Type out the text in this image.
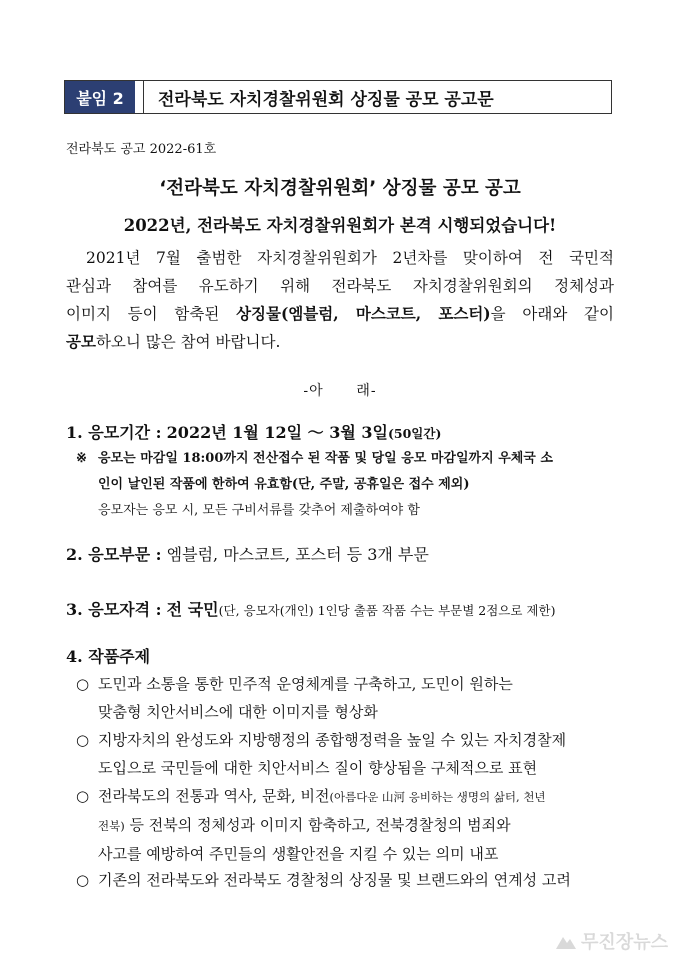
붙임 2	전라북도 자치경찰위원회 상징물 공모 공고문
전라북도 공고 2022-61호
‘전라북도 자치경찰위원회’ 상징물 공모 공고
2022년, 전라북도 자치경찰위원회가 본격 시행되었습니다!
2021년 7월 출범한 자치경찰위원회가 2년차를 맞이하여 전 국민적
관심과 참여를 유도하기 위해 전라북도 자치경찰위원회의 정체성과
이미지 등이 함축된 상징물(엠블럼, 마스코트, 포스터)을 아래와 같이
공모하오니 많은 참여 바랍니다.
-아      래-
1. 응모기간 : 2022년 1월 12일 ～ 3월 3일(50일간)
※ 응모는 마감일 18:00까지 전산접수 된 작품 및 당일 응모 마감일까지 우체국 소
인이 날인된 작품에 한하여 유효함(단, 주말, 공휴일은 접수 제외)
응모자는 응모 시, 모든 구비서류를 갖추어 제출하여야 함
2. 응모부문 : 엠블럼, 마스코트, 포스터 등 3개 부문
3. 응모자격 : 전 국민(단, 응모자(개인) 1인당 출품 작품 수는 부문별 2점으로 제한)
4. 작품주제
○ 도민과 소통을 통한 민주적 운영체계를 구축하고, 도민이 원하는
맞춤형 치안서비스에 대한 이미지를 형상화
○ 지방자치의 완성도와 지방행정의 종합행정력을 높일 수 있는 자치경찰제
도입으로 국민들에 대한 치안서비스 질이 향상됨을 구체적으로 표현
○ 전라북도의 전통과 역사, 문화, 비전(아름다운 山河 응비하는 생명의 삶터, 천년
전북) 등 전북의 정체성과 이미지 함축하고, 전북경찰청의 범죄와
사고를 예방하여 주민들의 생활안전을 지킬 수 있는 의미 내포
○ 기존의 전라북도와 전라북도 경찰청의 상징물 및 브랜드와의 연계성 고려
무진장뉴스
